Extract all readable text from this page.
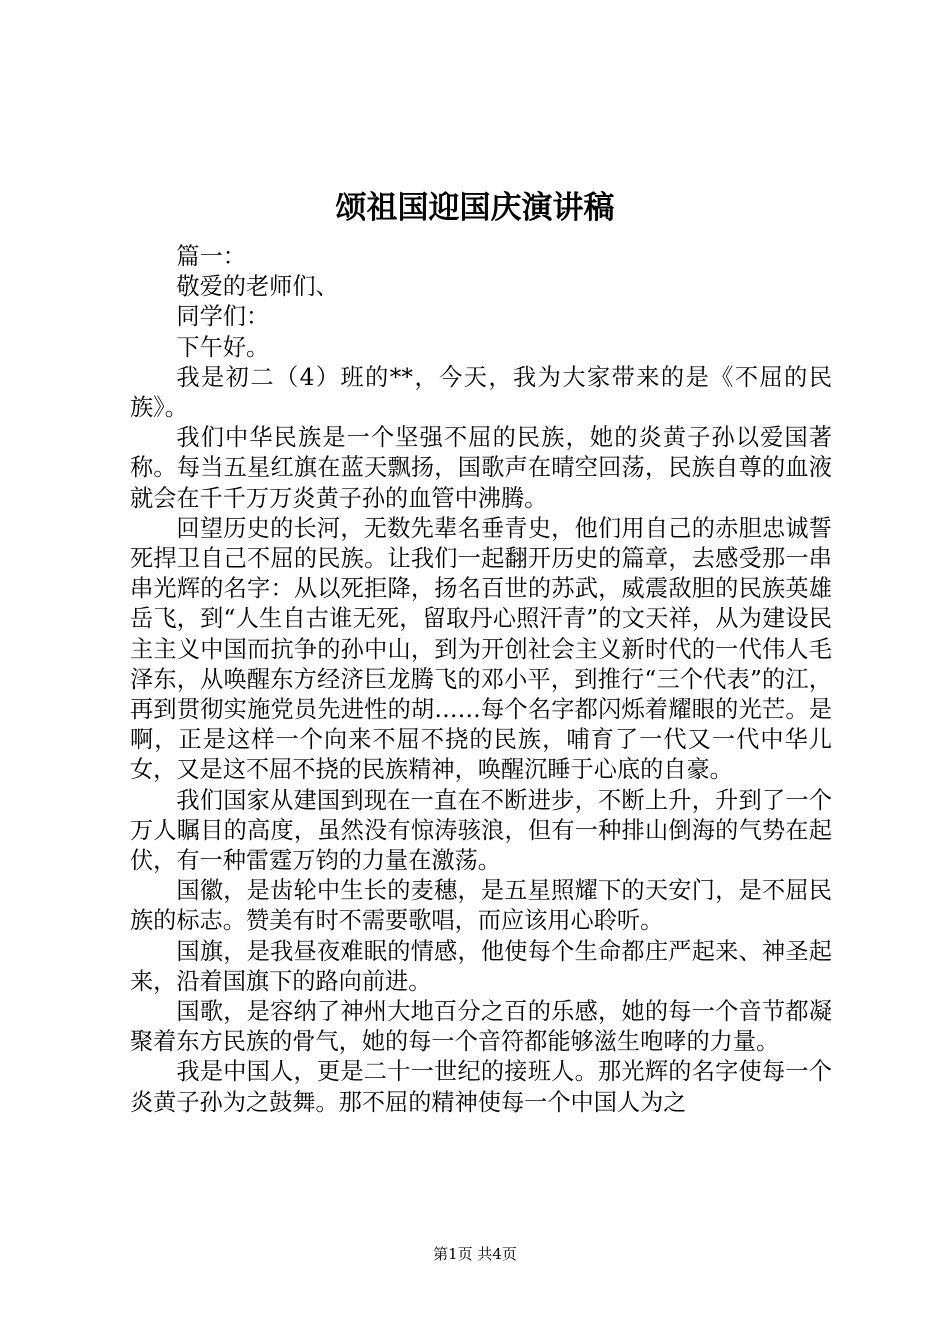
颂祖国迎国庆演讲稿

篇一：

敬爱的老师们、

同学们：

下午好。

我是初二（4）班的**，今天，我为大家带来的是《不屈的民族》。

我们中华民族是一个坚强不屈的民族，她的炎黄子孙以爱国著称。每当五星红旗在蓝天飘扬，国歌声在晴空回荡，民族自尊的血液就会在千千万万炎黄子孙的血管中沸腾。

回望历史的长河，无数先辈名垂青史，他们用自己的赤胆忠诚誓死捍卫自己不屈的民族。让我们一起翻开历史的篇章，去感受那一串串光辉的名字：从以死拒降，扬名百世的苏武，威震敌胆的民族英雄岳飞，到“人生自古谁无死，留取丹心照汗青”的文天祥，从为建设民主主义中国而抗争的孙中山，到为开创社会主义新时代的一代伟人毛泽东，从唤醒东方经济巨龙腾飞的邓小平，到推行“三个代表”的江，再到贯彻实施党员先进性的胡……每个名字都闪烁着耀眼的光芒。是啊，正是这样一个向来不屈不挠的民族，哺育了一代又一代中华儿女，又是这不屈不挠的民族精神，唤醒沉睡于心底的自豪。

我们国家从建国到现在一直在不断进步，不断上升，升到了一个万人瞩目的高度，虽然没有惊涛骇浪，但有一种排山倒海的气势在起伏，有一种雷霆万钧的力量在激荡。

国徽，是齿轮中生长的麦穗，是五星照耀下的天安门，是不屈民族的标志。赞美有时不需要歌唱，而应该用心聆听。

国旗，是我昼夜难眠的情感，他使每个生命都庄严起来、神圣起来，沿着国旗下的路向前进。

国歌，是容纳了神州大地百分之百的乐感，她的每一个音节都凝聚着东方民族的骨气，她的每一个音符都能够滋生咆哮的力量。

我是中国人，更是二十一世纪的接班人。那光辉的名字使每一个炎黄子孙为之鼓舞。那不屈的精神使每一个中国人为之

第1页 共4页
